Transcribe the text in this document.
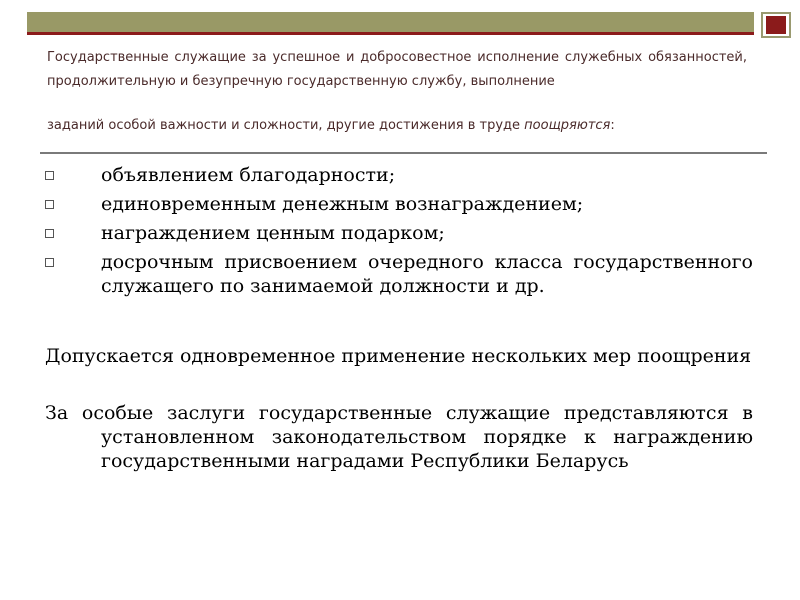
Государственные служащие за успешное и добросовестное исполнение служебных обязанностей, продолжительную и безупречную государственную службу, выполнение
заданий особой важности и сложности, другие достижения в труде поощряются:
объявлением благодарности;
единовременным денежным вознаграждением;
награждением ценным подарком;
досрочным присвоением очередного класса государственного служащего по занимаемой должности и др.
Допускается одновременное применение нескольких мер поощрения
За особые заслуги государственные служащие представляются в установленном законодательством порядке к награждению государственными наградами Республики Беларусь
